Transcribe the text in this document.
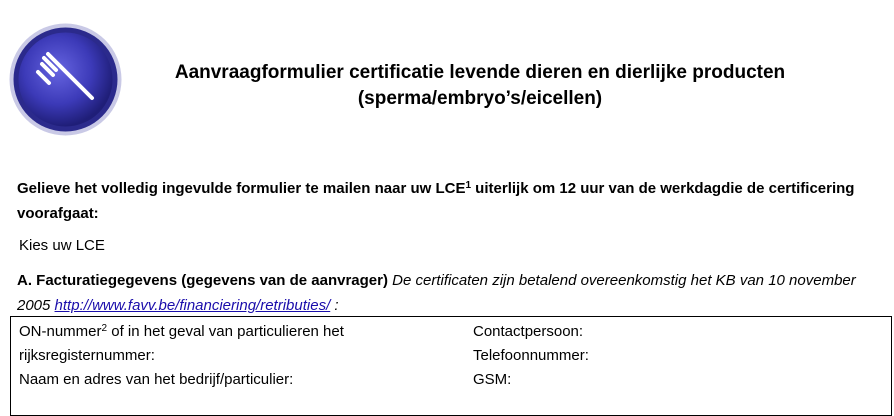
Aanvraagformulier certificatie levende dieren en dierlijke producten
(sperma/embryo’s/eicellen)
Gelieve het volledig ingevulde formulier te mailen naar uw LCE$^1$ uiterlijk om 12 uur van de werkdagdie de certificering voorafgaat:
Kies uw LCE
A. Facturatiegegevens (gegevens van de aanvrager) De certificaten zijn betalend overeenkomstig het KB van 10 november 2005 http://www.favv.be/financiering/retributies/ :
ON-nummer$^2$ of in het geval van particulieren het rijksregisternummer:
Naam en adres van het bedrijf/particulier:
Contactpersoon:
Telefoonnummer:
GSM:
